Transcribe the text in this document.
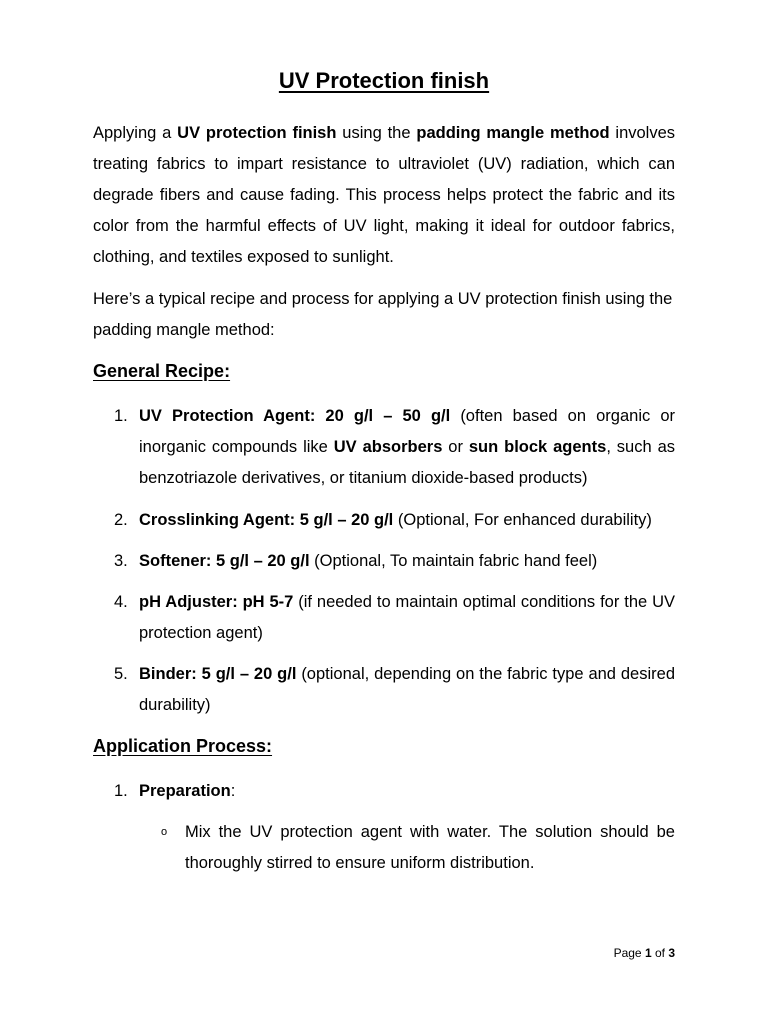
UV Protection finish

Applying a UV protection finish using the padding mangle method involves treating fabrics to impart resistance to ultraviolet (UV) radiation, which can degrade fibers and cause fading. This process helps protect the fabric and its color from the harmful effects of UV light, making it ideal for outdoor fabrics, clothing, and textiles exposed to sunlight.

Here’s a typical recipe and process for applying a UV protection finish using the padding mangle method:

General Recipe:
1. UV Protection Agent: 20 g/l – 50 g/l (often based on organic or inorganic compounds like UV absorbers or sun block agents, such as benzotriazole derivatives, or titanium dioxide-based products)
2. Crosslinking Agent: 5 g/l – 20 g/l (Optional, For enhanced durability)
3. Softener: 5 g/l – 20 g/l (Optional, To maintain fabric hand feel)
4. pH Adjuster: pH 5-7 (if needed to maintain optimal conditions for the UV protection agent)
5. Binder: 5 g/l – 20 g/l (optional, depending on the fabric type and desired durability)
Application Process:
1. Preparation:
o Mix the UV protection agent with water. The solution should be thoroughly stirred to ensure uniform distribution.
Page 1 of 3
